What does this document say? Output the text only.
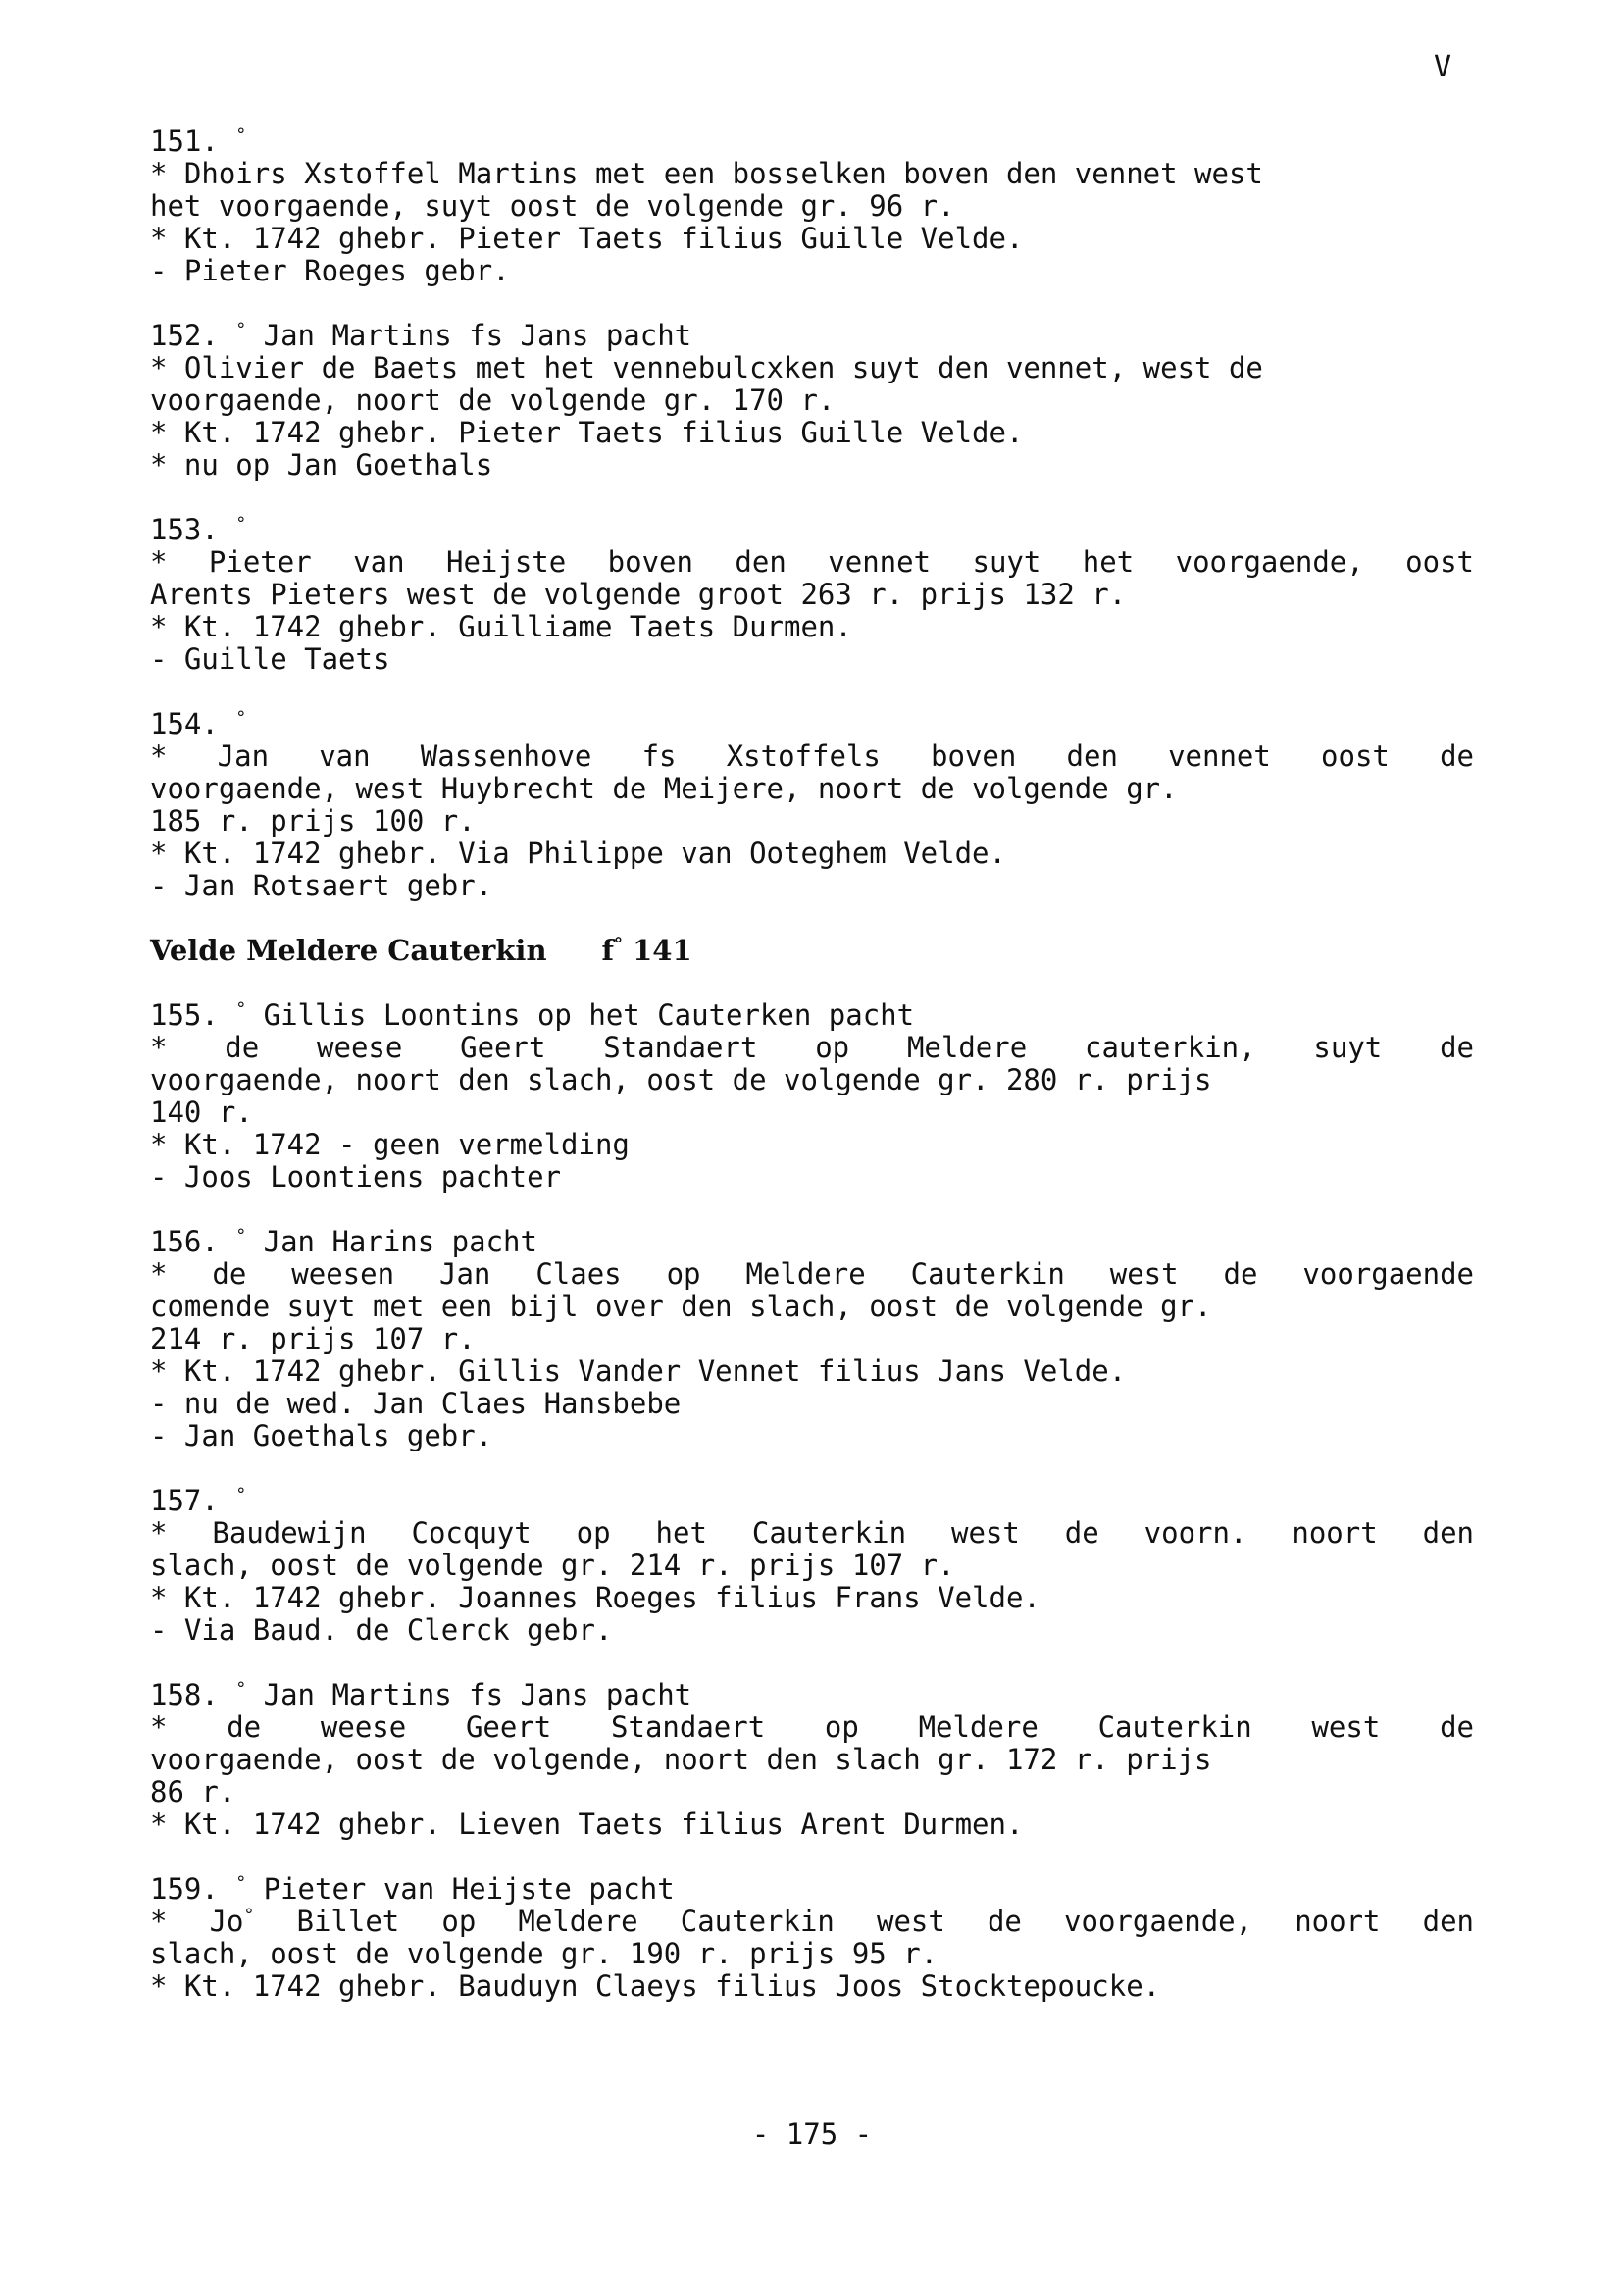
V
151. °
* Dhoirs Xstoffel Martins met een bosselken boven den vennet west
het voorgaende, suyt oost de volgende gr. 96 r.
* Kt. 1742 ghebr. Pieter Taets filius Guille Velde.
- Pieter Roeges gebr.
152. ° Jan Martins fs Jans pacht
* Olivier de Baets met het vennebulcxken suyt den vennet, west de
voorgaende, noort de volgende gr. 170 r.
* Kt. 1742 ghebr. Pieter Taets filius Guille Velde.
* nu op Jan Goethals
153. °
* Pieter van Heijste boven den vennet suyt het voorgaende, oost
Arents Pieters west de volgende groot 263 r. prijs 132 r.
* Kt. 1742 ghebr. Guilliame Taets Durmen.
- Guille Taets
154. °
* Jan van Wassenhove fs Xstoffels boven den vennet oost de
voorgaende, west Huybrecht de Meijere, noort de volgende gr.
185 r. prijs 100 r.
* Kt. 1742 ghebr. Via Philippe van Ooteghem Velde.
- Jan Rotsaert gebr.
Velde Meldere Cauterkin f° 141
155. ° Gillis Loontins op het Cauterken pacht
* de weese Geert Standaert op Meldere cauterkin, suyt de
voorgaende, noort den slach, oost de volgende gr. 280 r. prijs
140 r.
* Kt. 1742 - geen vermelding
- Joos Loontiens pachter
156. ° Jan Harins pacht
* de weesen Jan Claes op Meldere Cauterkin west de voorgaende
comende suyt met een bijl over den slach, oost de volgende gr.
214 r. prijs 107 r.
* Kt. 1742 ghebr. Gillis Vander Vennet filius Jans Velde.
- nu de wed. Jan Claes Hansbebe
- Jan Goethals gebr.
157. °
* Baudewijn Cocquyt op het Cauterkin west de voorn. noort den
slach, oost de volgende gr. 214 r. prijs 107 r.
* Kt. 1742 ghebr. Joannes Roeges filius Frans Velde.
- Via Baud. de Clerck gebr.
158. ° Jan Martins fs Jans pacht
* de weese Geert Standaert op Meldere Cauterkin west de
voorgaende, oost de volgende, noort den slach gr. 172 r. prijs
86 r.
* Kt. 1742 ghebr. Lieven Taets filius Arent Durmen.
159. ° Pieter van Heijste pacht
* Jo° Billet op Meldere Cauterkin west de voorgaende, noort den
slach, oost de volgende gr. 190 r. prijs 95 r.
* Kt. 1742 ghebr. Bauduyn Claeys filius Joos Stocktepoucke.
- 175 -
